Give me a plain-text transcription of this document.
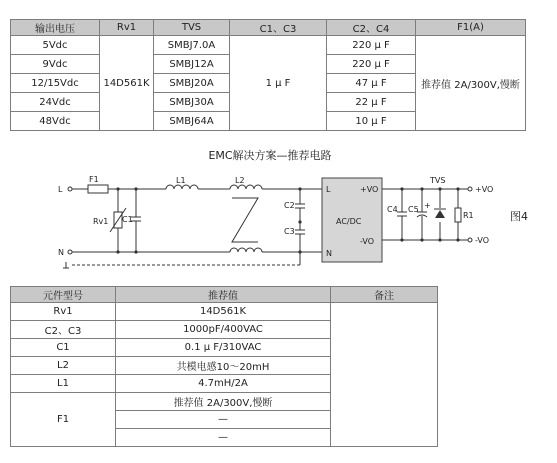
输出电压	Rv1	TVS	C1、C3	C2、C4	F1(A)
5Vdc	14D561K	SMBJ7.0A	1 μ F	220 μ F	推荐值 2A/300V,慢断
9Vdc		SMBJ12A		220 μ F	
12/15Vdc		SMBJ20A		47 μ F	
24Vdc		SMBJ30A		22 μ F	
48Vdc		SMBJ64A		10 μ F	
EMC解决方案—推荐电路
图4
L
N
F1
Rv1 C1
L1	L2
C2
C3
L
N
AC/DC
+VO
-VO
C4 C5 +
TVS
R1
+VO
-VO
元件型号	推荐值	备注
Rv1	14D561K	
C2、C3	1000pF/400VAC	
C1	0.1 μ F/310VAC	
L2	共模电感10～20mH	
L1	4.7mH/2A	
F1	推荐值 2A/300V,慢断	
	—	
	—	
